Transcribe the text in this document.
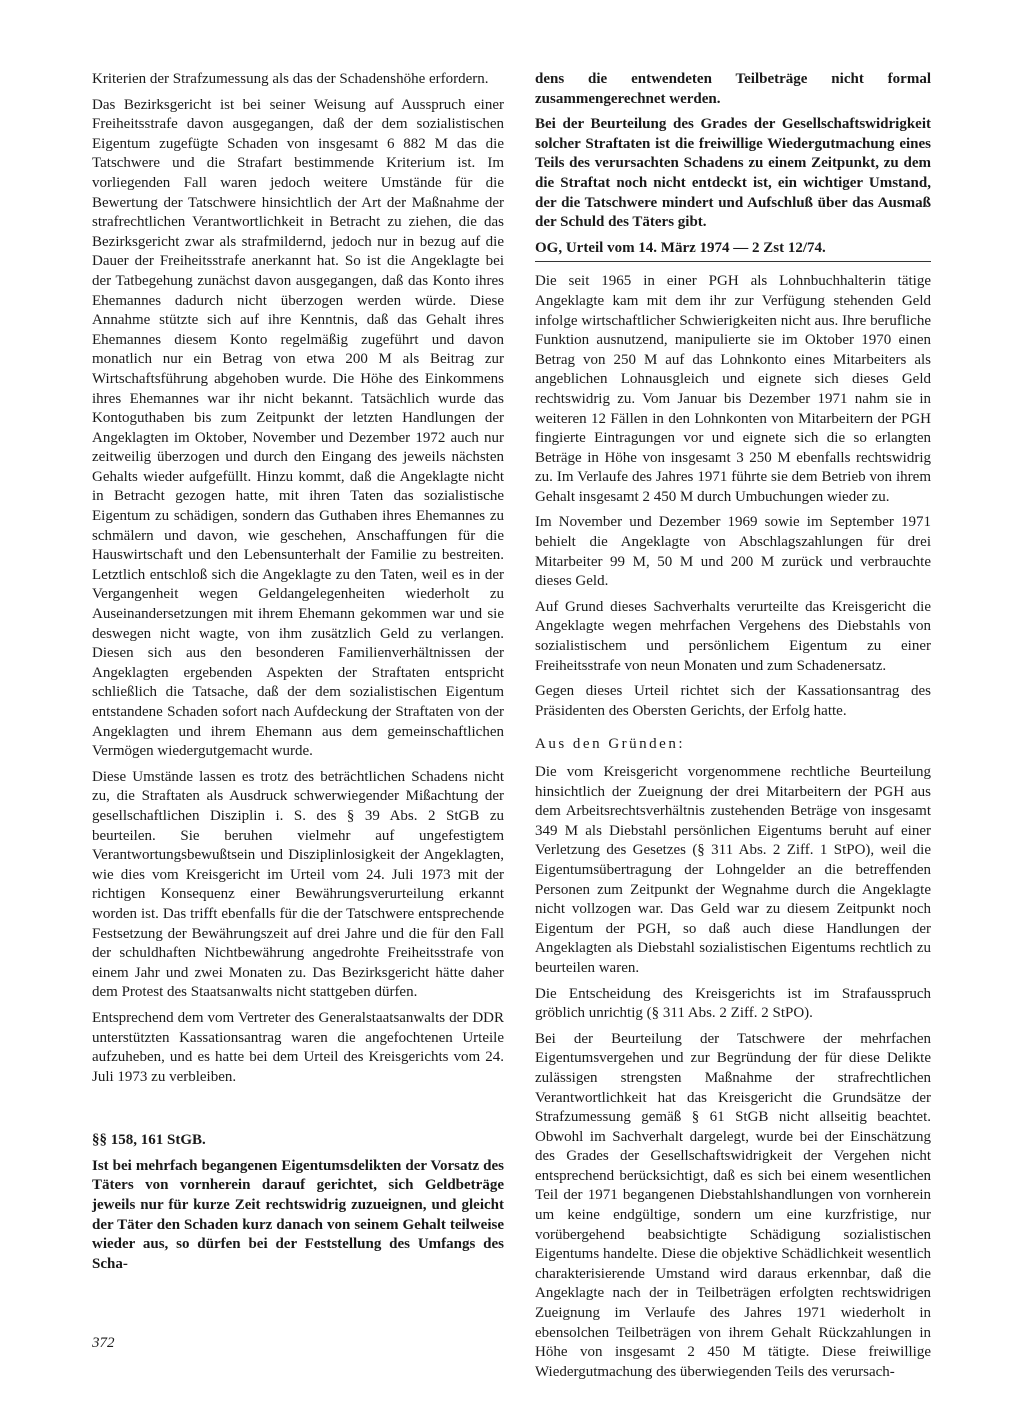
Kriterien der Strafzumessung als das der Schadenshöhe erfordern.

Das Bezirksgericht ist bei seiner Weisung auf Ausspruch einer Freiheitsstrafe davon ausgegangen, daß der dem sozialistischen Eigentum zugefügte Schaden von insgesamt 6 882 M das die Tatschwere und die Strafart bestimmende Kriterium ist. Im vorliegenden Fall waren jedoch weitere Umstände für die Bewertung der Tatschwere hinsichtlich der Art der Maßnahme der strafrechtlichen Verantwortlichkeit in Betracht zu ziehen, die das Bezirksgericht zwar als strafmildernd, jedoch nur in bezug auf die Dauer der Freiheitsstrafe anerkannt hat. So ist die Angeklagte bei der Tatbegehung zunächst davon ausgegangen, daß das Konto ihres Ehemannes dadurch nicht überzogen werden würde. Diese Annahme stützte sich auf ihre Kenntnis, daß das Gehalt ihres Ehemannes diesem Konto regelmäßig zugeführt und davon monatlich nur ein Betrag von etwa 200 M als Beitrag zur Wirtschaftsführung abgehoben wurde. Die Höhe des Einkommens ihres Ehemannes war ihr nicht bekannt. Tatsächlich wurde das Kontoguthaben bis zum Zeitpunkt der letzten Handlungen der Angeklagten im Oktober, November und Dezember 1972 auch nur zeitweilig überzogen und durch den Eingang des jeweils nächsten Gehalts wieder aufgefüllt. Hinzu kommt, daß die Angeklagte nicht in Betracht gezogen hatte, mit ihren Taten das sozialistische Eigentum zu schädigen, sondern das Guthaben ihres Ehemannes zu schmälern und davon, wie geschehen, Anschaffungen für die Hauswirtschaft und den Lebensunterhalt der Familie zu bestreiten. Letztlich entschloß sich die Angeklagte zu den Taten, weil es in der Vergangenheit wegen Geldangelegenheiten wiederholt zu Auseinandersetzungen mit ihrem Ehemann gekommen war und sie deswegen nicht wagte, von ihm zusätzlich Geld zu verlangen. Diesen sich aus den besonderen Familienverhältnissen der Angeklagten ergebenden Aspekten der Straftaten entspricht schließlich die Tatsache, daß der dem sozialistischen Eigentum entstandene Schaden sofort nach Aufdeckung der Straftaten von der Angeklagten und ihrem Ehemann aus dem gemeinschaftlichen Vermögen wiedergutgemacht wurde.

Diese Umstände lassen es trotz des beträchtlichen Schadens nicht zu, die Straftaten als Ausdruck schwerwiegender Mißachtung der gesellschaftlichen Disziplin i. S. des § 39 Abs. 2 StGB zu beurteilen. Sie beruhen vielmehr auf ungefestigtem Verantwortungsbewußtsein und Disziplinlosigkeit der Angeklagten, wie dies vom Kreisgericht im Urteil vom 24. Juli 1973 mit der richtigen Konsequenz einer Bewährungsverurteilung erkannt worden ist. Das trifft ebenfalls für die der Tatschwere entsprechende Festsetzung der Bewährungszeit auf drei Jahre und die für den Fall der schuldhaften Nichtbewährung angedrohte Freiheitsstrafe von einem Jahr und zwei Monaten zu. Das Bezirksgericht hätte daher dem Protest des Staatsanwalts nicht stattgeben dürfen.

Entsprechend dem vom Vertreter des Generalstaatsanwalts der DDR unterstützten Kassationsantrag waren die angefochtenen Urteile aufzuheben, und es hatte bei dem Urteil des Kreisgerichts vom 24. Juli 1973 zu verbleiben.

§§ 158, 161 StGB.

Ist bei mehrfach begangenen Eigentumsdelikten der Vorsatz des Täters von vornherein darauf gerichtet, sich Geldbeträge jeweils nur für kurze Zeit rechtswidrig zuzueignen, und gleicht der Täter den Schaden kurz danach von seinem Gehalt teilweise wieder aus, so dürfen bei der Feststellung des Umfangs des Scha-

dens die entwendeten Teilbeträge nicht formal zusammengerechnet werden.

Bei der Beurteilung des Grades der Gesellschaftswidrigkeit solcher Straftaten ist die freiwillige Wiedergutmachung eines Teils des verursachten Schadens zu einem Zeitpunkt, zu dem die Straftat noch nicht entdeckt ist, ein wichtiger Umstand, der die Tatschwere mindert und Aufschluß über das Ausmaß der Schuld des Täters gibt.

OG, Urteil vom 14. März 1974 — 2 Zst 12/74.

Die seit 1965 in einer PGH als Lohnbuchhalterin tätige Angeklagte kam mit dem ihr zur Verfügung stehenden Geld infolge wirtschaftlicher Schwierigkeiten nicht aus. Ihre berufliche Funktion ausnutzend, manipulierte sie im Oktober 1970 einen Betrag von 250 M auf das Lohnkonto eines Mitarbeiters als angeblichen Lohnausgleich und eignete sich dieses Geld rechtswidrig zu. Vom Januar bis Dezember 1971 nahm sie in weiteren 12 Fällen in den Lohnkonten von Mitarbeitern der PGH fingierte Eintragungen vor und eignete sich die so erlangten Beträge in Höhe von insgesamt 3 250 M ebenfalls rechtswidrig zu. Im Verlaufe des Jahres 1971 führte sie dem Betrieb von ihrem Gehalt insgesamt 2 450 M durch Umbuchungen wieder zu.

Im November und Dezember 1969 sowie im September 1971 behielt die Angeklagte von Abschlagszahlungen für drei Mitarbeiter 99 M, 50 M und 200 M zurück und verbrauchte dieses Geld.

Auf Grund dieses Sachverhalts verurteilte das Kreisgericht die Angeklagte wegen mehrfachen Vergehens des Diebstahls von sozialistischem und persönlichem Eigentum zu einer Freiheitsstrafe von neun Monaten und zum Schadenersatz.

Gegen dieses Urteil richtet sich der Kassationsantrag des Präsidenten des Obersten Gerichts, der Erfolg hatte.

Aus den Gründen:

Die vom Kreisgericht vorgenommene rechtliche Beurteilung hinsichtlich der Zueignung der drei Mitarbeitern der PGH aus dem Arbeitsrechtsverhältnis zustehenden Beträge von insgesamt 349 M als Diebstahl persönlichen Eigentums beruht auf einer Verletzung des Gesetzes (§ 311 Abs. 2 Ziff. 1 StPO), weil die Eigentumsübertragung der Lohngelder an die betreffenden Personen zum Zeitpunkt der Wegnahme durch die Angeklagte nicht vollzogen war. Das Geld war zu diesem Zeitpunkt noch Eigentum der PGH, so daß auch diese Handlungen der Angeklagten als Diebstahl sozialistischen Eigentums rechtlich zu beurteilen waren.

Die Entscheidung des Kreisgerichts ist im Strafausspruch gröblich unrichtig (§ 311 Abs. 2 Ziff. 2 StPO).

Bei der Beurteilung der Tatschwere der mehrfachen Eigentumsvergehen und zur Begründung der für diese Delikte zulässigen strengsten Maßnahme der strafrechtlichen Verantwortlichkeit hat das Kreisgericht die Grundsätze der Strafzumessung gemäß § 61 StGB nicht allseitig beachtet. Obwohl im Sachverhalt dargelegt, wurde bei der Einschätzung des Grades der Gesellschaftswidrigkeit der Vergehen nicht entsprechend berücksichtigt, daß es sich bei einem wesentlichen Teil der 1971 begangenen Diebstahlshandlungen von vornherein um keine endgültige, sondern um eine kurzfristige, nur vorübergehend beabsichtigte Schädigung sozialistischen Eigentums handelte. Diese die objektive Schädlichkeit wesentlich charakterisierende Umstand wird daraus erkennbar, daß die Angeklagte nach der in Teilbeträgen erfolgten rechtswidrigen Zueignung im Verlaufe des Jahres 1971 wiederholt in ebensolchen Teilbeträgen von ihrem Gehalt Rückzahlungen in Höhe von insgesamt 2 450 M tätigte. Diese freiwillige Wiedergutmachung des überwiegenden Teils des verursach-

372
